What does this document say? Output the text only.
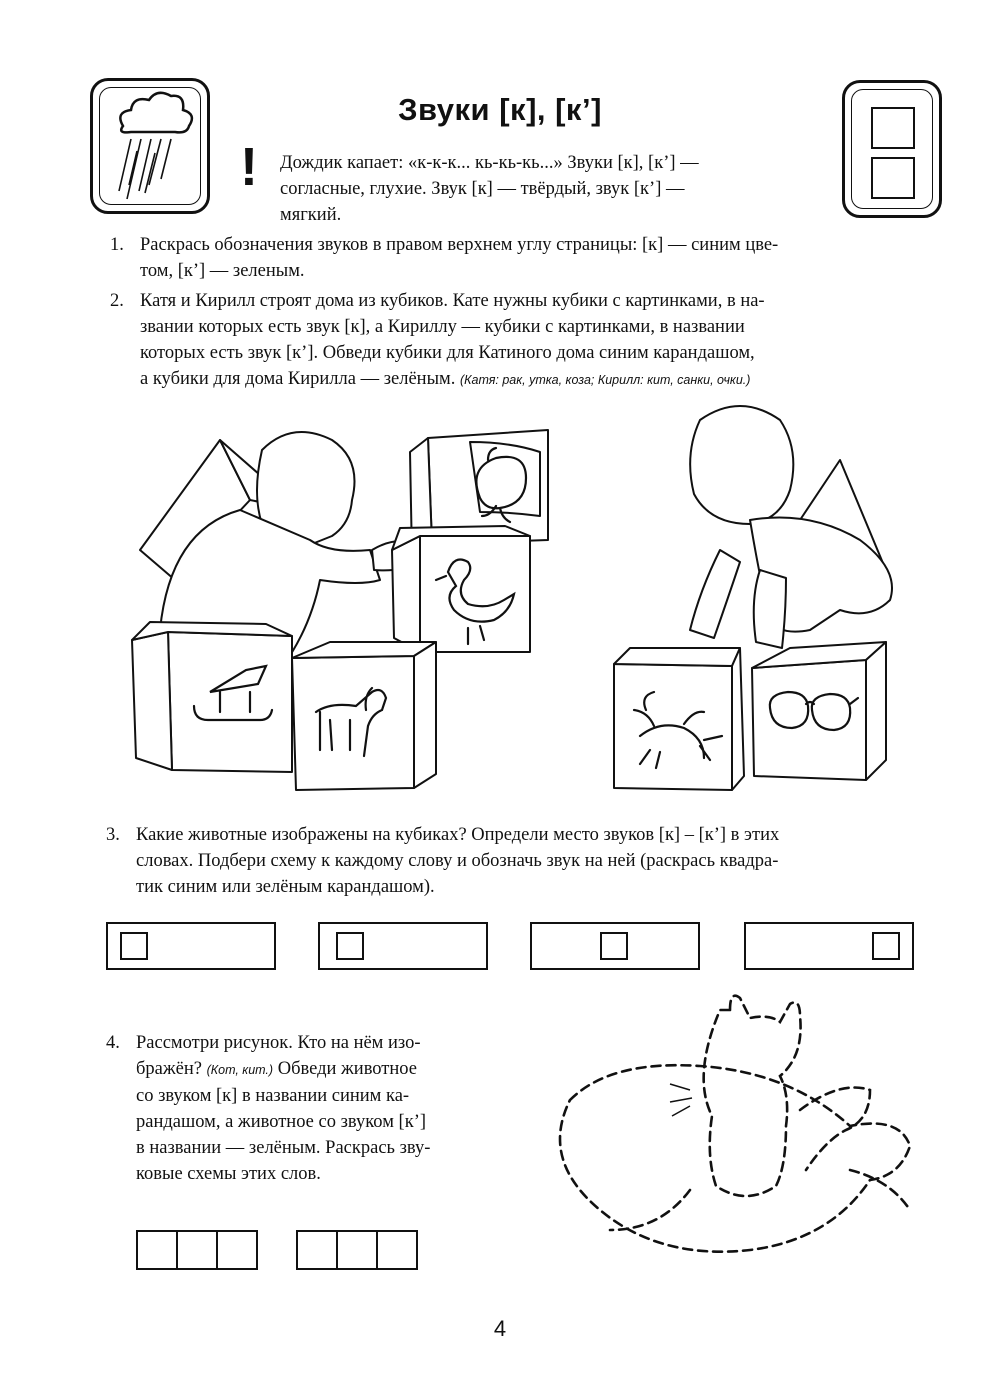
Звуки [к], [к’]
! Дождик капает: «к-к-к... кь-кь-кь...» Звуки [к], [к’] —
согласные, глухие. Звук [к] — твёрдый, звук [к’] —
мягкий.
1. Раскрась обозначения звуков в правом верхнем углу страницы: [к] — синим цве-
том, [к’] — зеленым.
2. Катя и Кирилл строят дома из кубиков. Кате нужны кубики с картинками, в на-
звании которых есть звук [к], а Кириллу — кубики с картинками, в названии
которых есть звук [к’]. Обведи кубики для Катиного дома синим карандашом,
а кубики для дома Кирилла — зелёным. (Катя: рак, утка, коза; Кирилл: кит, санки, очки.)
3. Какие животные изображены на кубиках? Определи место звуков [к] – [к’] в этих
словах. Подбери схему к каждому слову и обозначь звук на ней (раскрась квадра-
тик синим или зелёным карандашом).
4. Рассмотри рисунок. Кто на нём изо-
бражён? (Кот, кит.) Обведи животное
со звуком [к] в названии синим ка-
рандашом, а животное со звуком [к’]
в названии — зелёным. Раскрась зву-
ковые схемы этих слов.
4
